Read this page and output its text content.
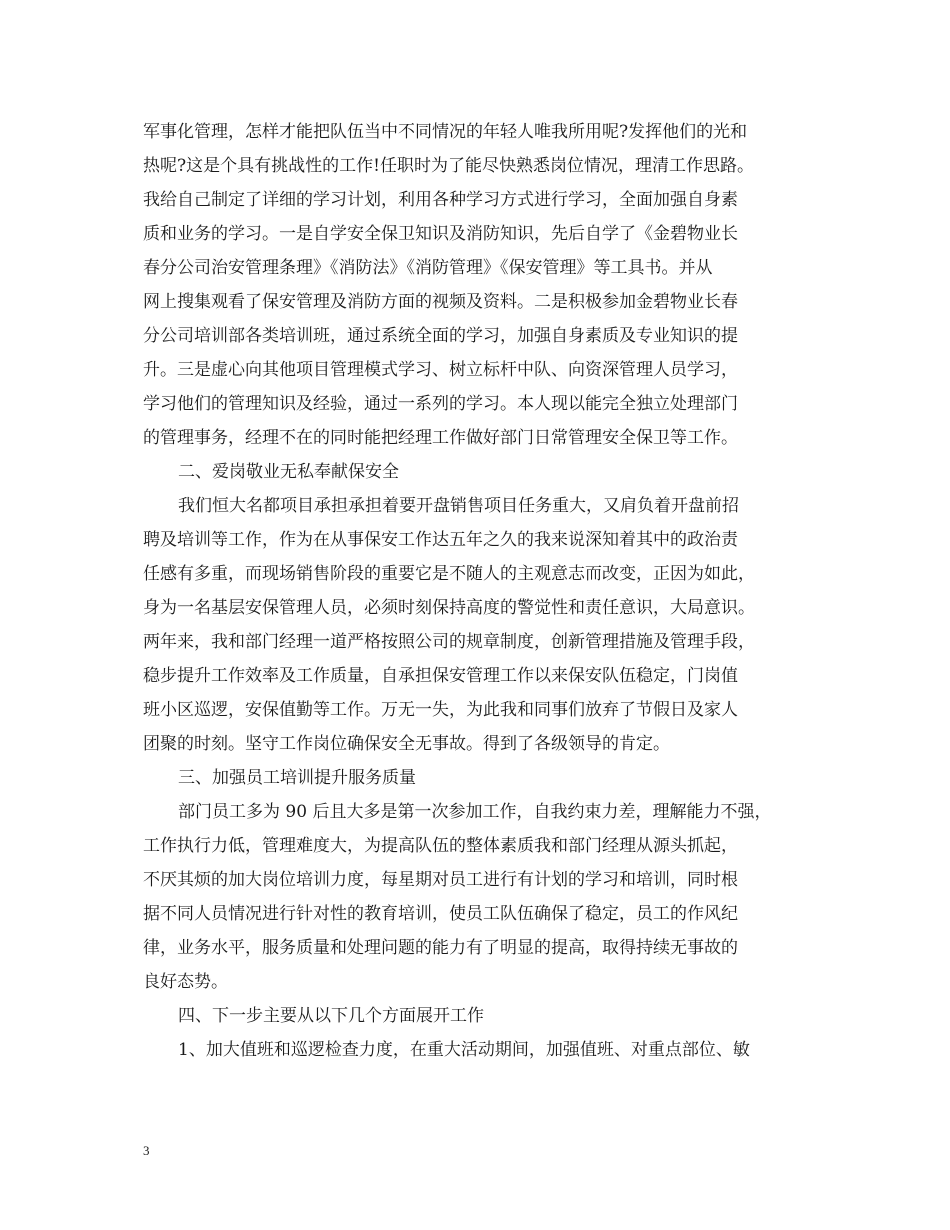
军事化管理，怎样才能把队伍当中不同情况的年轻人唯我所用呢?发挥他们的光和
热呢?这是个具有挑战性的工作!任职时为了能尽快熟悉岗位情况，理清工作思路。
我给自己制定了详细的学习计划，利用各种学习方式进行学习，全面加强自身素
质和业务的学习。一是自学安全保卫知识及消防知识，先后自学了《金碧物业长
春分公司治安管理条理》《消防法》《消防管理》《保安管理》等工具书。并从
网上搜集观看了保安管理及消防方面的视频及资料。二是积极参加金碧物业长春
分公司培训部各类培训班，通过系统全面的学习，加强自身素质及专业知识的提
升。三是虚心向其他项目管理模式学习、树立标杆中队、向资深管理人员学习，
学习他们的管理知识及经验，通过一系列的学习。本人现以能完全独立处理部门
的管理事务，经理不在的同时能把经理工作做好部门日常管理安全保卫等工作。
二、爱岗敬业无私奉献保安全
我们恒大名都项目承担承担着要开盘销售项目任务重大，又肩负着开盘前招
聘及培训等工作，作为在从事保安工作达五年之久的我来说深知着其中的政治责
任感有多重，而现场销售阶段的重要它是不随人的主观意志而改变，正因为如此，
身为一名基层安保管理人员，必须时刻保持高度的警觉性和责任意识，大局意识。
两年来，我和部门经理一道严格按照公司的规章制度，创新管理措施及管理手段，
稳步提升工作效率及工作质量，自承担保安管理工作以来保安队伍稳定，门岗值
班小区巡逻，安保值勤等工作。万无一失，为此我和同事们放弃了节假日及家人
团聚的时刻。坚守工作岗位确保安全无事故。得到了各级领导的肯定。
三、加强员工培训提升服务质量
部门员工多为 90 后且大多是第一次参加工作，自我约束力差，理解能力不强，
工作执行力低，管理难度大，为提高队伍的整体素质我和部门经理从源头抓起，
不厌其烦的加大岗位培训力度，每星期对员工进行有计划的学习和培训，同时根
据不同人员情况进行针对性的教育培训，使员工队伍确保了稳定，员工的作风纪
律，业务水平，服务质量和处理问题的能力有了明显的提高，取得持续无事故的
良好态势。
四、下一步主要从以下几个方面展开工作
1、加大值班和巡逻检查力度，在重大活动期间，加强值班、对重点部位、敏
3
